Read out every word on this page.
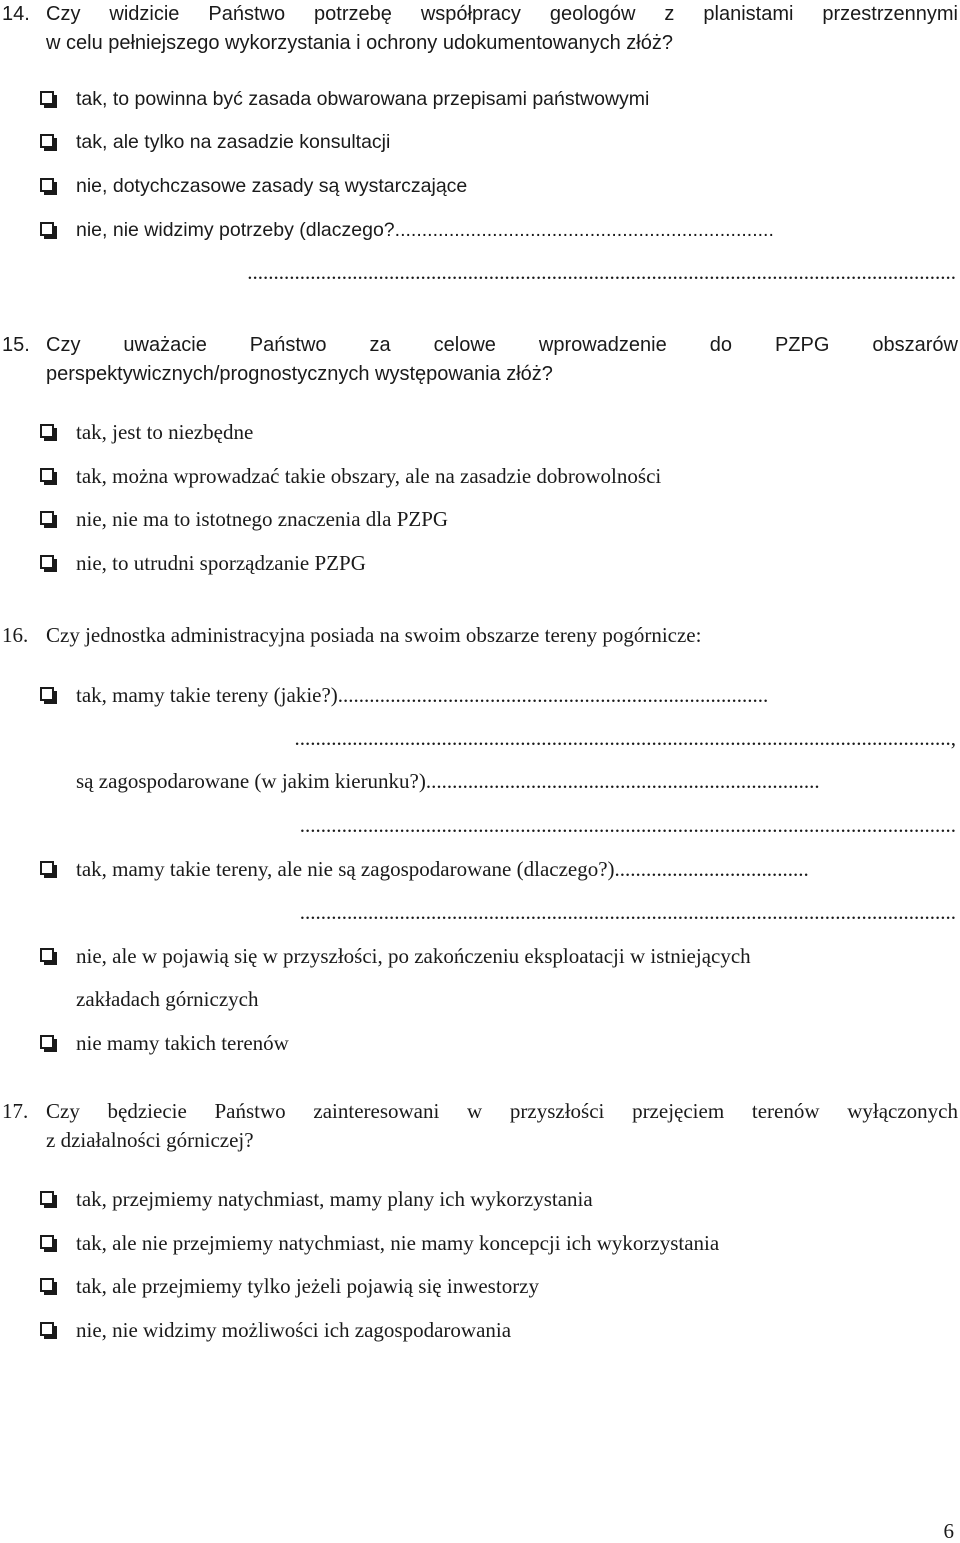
14. Czy widzicie Państwo potrzebę współpracy geologów z planistami przestrzennymi
w celu pełniejszego wykorzystania i ochrony udokumentowanych złóż?
tak, to powinna być zasada obwarowana przepisami państwowymi
tak, ale tylko na zasadzie konsultacji
nie, dotychczasowe zasady są wystarczające
nie, nie widzimy potrzeby (dlaczego?......................................................................
.......................................................................................................................................
15. Czy uważacie Państwo za celowe wprowadzenie do PZPG obszarów
perspektywicznych/prognostycznych występowania złóż?
tak, jest to niezbędne
tak, można wprowadzać takie obszary, ale na zasadzie dobrowolności
nie, nie ma to istotnego znaczenia dla PZPG
nie, to utrudni sporządzanie PZPG
16. Czy jednostka administracyjna posiada na swoim obszarze tereny pogórnicze:
tak, mamy takie tereny (jakie?)..................................................................................
.............................................................................................................................,
są zagospodarowane (w jakim kierunku?)...........................................................................
.............................................................................................................................
tak, mamy takie tereny, ale nie są zagospodarowane (dlaczego?).....................................
.............................................................................................................................
nie, ale w pojawią się w przyszłości, po zakończeniu eksploatacji w istniejących
zakładach górniczych
nie mamy takich terenów
17. Czy będziecie Państwo zainteresowani w przyszłości przejęciem terenów wyłączonych
z działalności górniczej?
tak, przejmiemy natychmiast, mamy plany ich wykorzystania
tak, ale nie przejmiemy natychmiast, nie mamy koncepcji ich wykorzystania
tak, ale przejmiemy tylko jeżeli pojawią się inwestorzy
nie, nie widzimy możliwości ich zagospodarowania
6
